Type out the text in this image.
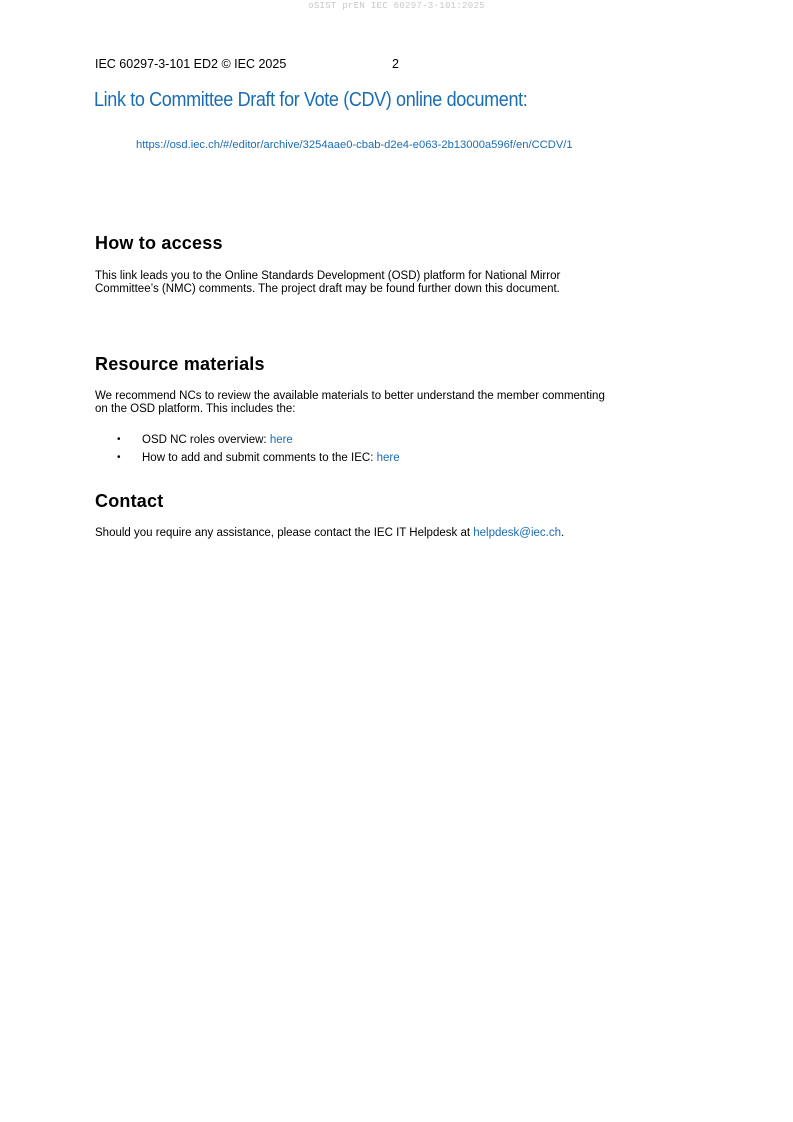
oSIST prEN IEC 60297-3-101:2025
IEC 60297-3-101 ED2 © IEC 2025	2
Link to Committee Draft for Vote (CDV) online document:
https://osd.iec.ch/#/editor/archive/3254aae0-cbab-d2e4-e063-2b13000a596f/en/CCDV/1
How to access

This link leads you to the Online Standards Development (OSD) platform for National Mirror
Committee’s (NMC) comments. The project draft may be found further down this document.

Resource materials

We recommend NCs to review the available materials to better understand the member commenting
on the OSD platform. This includes the:

• OSD NC roles overview: here
• How to add and submit comments to the IEC: here
Contact

Should you require any assistance, please contact the IEC IT Helpdesk at helpdesk@iec.ch.
